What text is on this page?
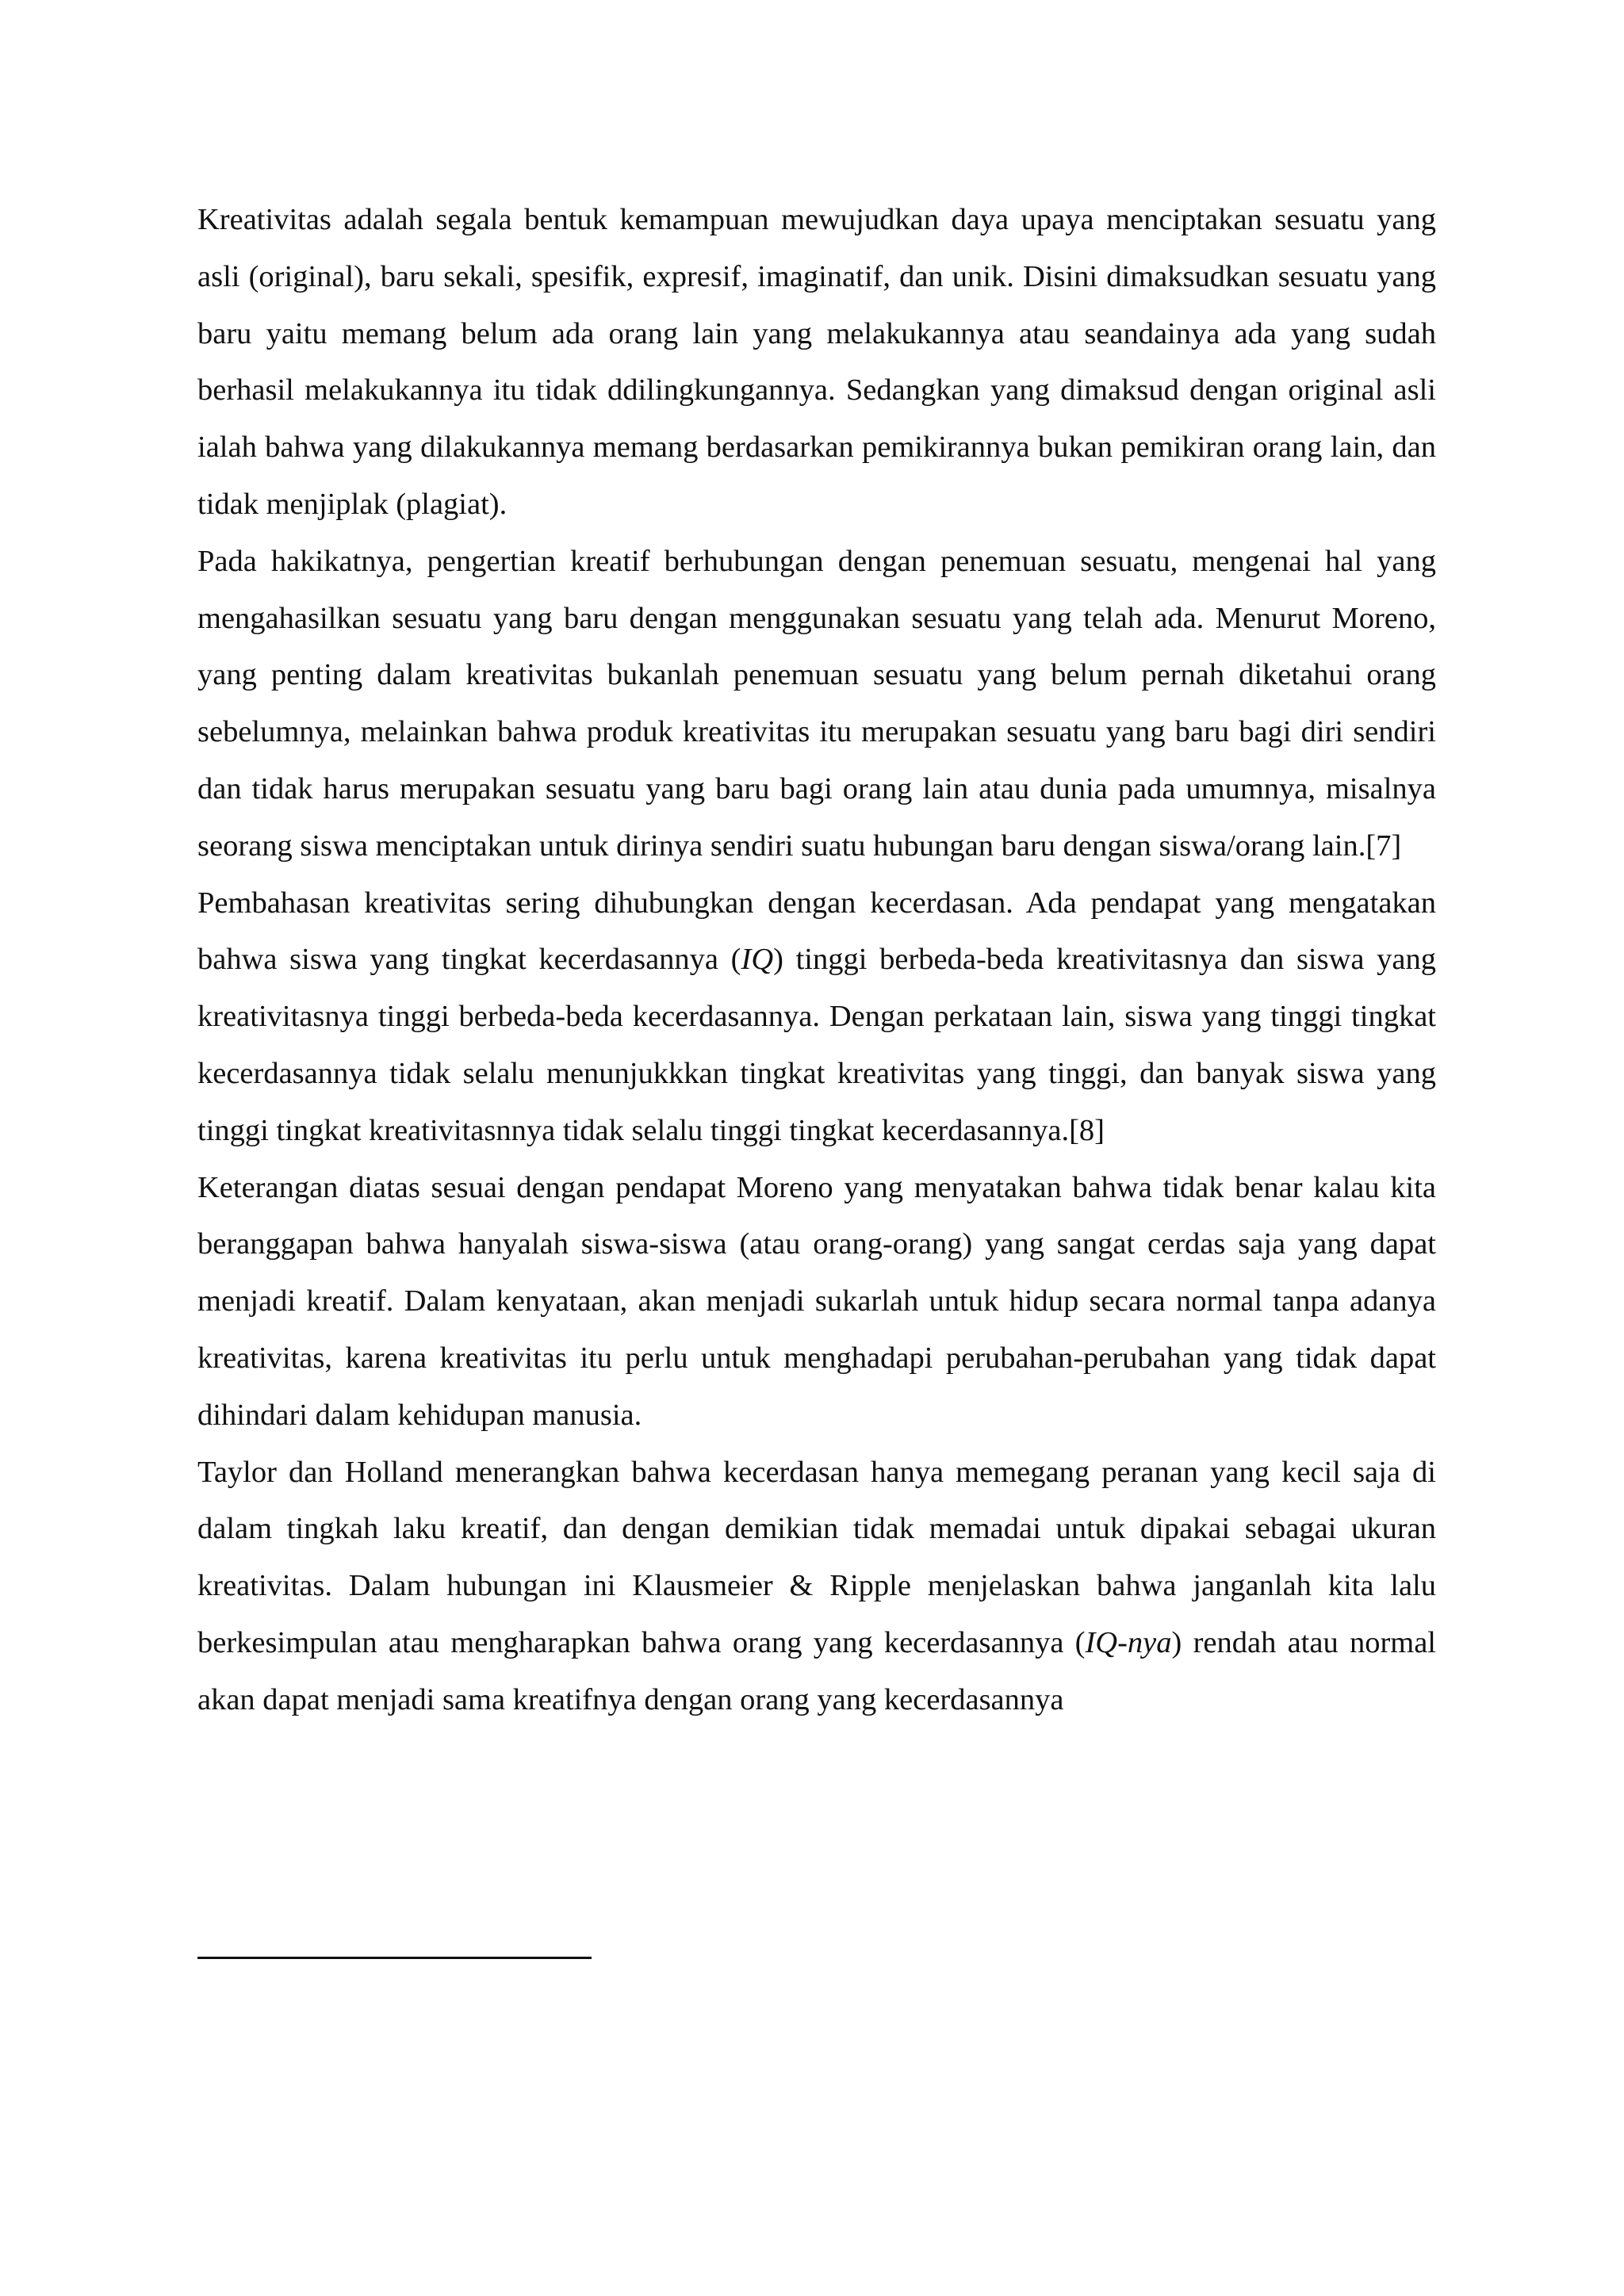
Kreativitas adalah segala bentuk kemampuan mewujudkan daya upaya menciptakan sesuatu yang asli (original), baru sekali, spesifik, expresif, imaginatif, dan unik. Disini dimaksudkan sesuatu yang baru yaitu memang belum ada orang lain yang melakukannya atau seandainya ada yang sudah berhasil melakukannya itu tidak ddilingkungannya. Sedangkan yang dimaksud dengan original asli ialah bahwa yang dilakukannya memang berdasarkan pemikirannya bukan pemikiran orang lain, dan tidak menjiplak (plagiat).

Pada hakikatnya, pengertian kreatif berhubungan dengan penemuan sesuatu, mengenai hal yang mengahasilkan sesuatu yang baru dengan menggunakan sesuatu yang telah ada. Menurut Moreno, yang penting dalam kreativitas bukanlah penemuan sesuatu yang belum pernah diketahui orang sebelumnya, melainkan bahwa produk kreativitas itu merupakan sesuatu yang baru bagi diri sendiri dan tidak harus merupakan sesuatu yang baru bagi orang lain atau dunia pada umumnya, misalnya seorang siswa menciptakan untuk dirinya sendiri suatu hubungan baru dengan siswa/orang lain.[7]

Pembahasan kreativitas sering dihubungkan dengan kecerdasan. Ada pendapat yang mengatakan bahwa siswa yang tingkat kecerdasannya (IQ) tinggi berbeda-beda kreativitasnya dan siswa yang kreativitasnya tinggi berbeda-beda kecerdasannya. Dengan perkataan lain, siswa yang tinggi tingkat kecerdasannya tidak selalu menunjukkkan tingkat kreativitas yang tinggi, dan banyak siswa yang tinggi tingkat kreativitasnnya tidak selalu tinggi tingkat kecerdasannya.[8]

Keterangan diatas sesuai dengan pendapat Moreno yang menyatakan bahwa tidak benar kalau kita beranggapan bahwa hanyalah siswa-siswa (atau orang-orang) yang sangat cerdas saja yang dapat menjadi kreatif. Dalam kenyataan, akan menjadi sukarlah untuk hidup secara normal tanpa adanya kreativitas, karena kreativitas itu perlu untuk menghadapi perubahan-perubahan yang tidak dapat dihindari dalam kehidupan manusia.

Taylor dan Holland menerangkan bahwa kecerdasan hanya memegang peranan yang kecil saja di dalam tingkah laku kreatif, dan dengan demikian tidak memadai untuk dipakai sebagai ukuran kreativitas. Dalam hubungan ini Klausmeier & Ripple menjelaskan bahwa janganlah kita lalu berkesimpulan atau mengharapkan bahwa orang yang kecerdasannya (IQ-nya) rendah atau normal akan dapat menjadi sama kreatifnya dengan orang yang kecerdasannya
